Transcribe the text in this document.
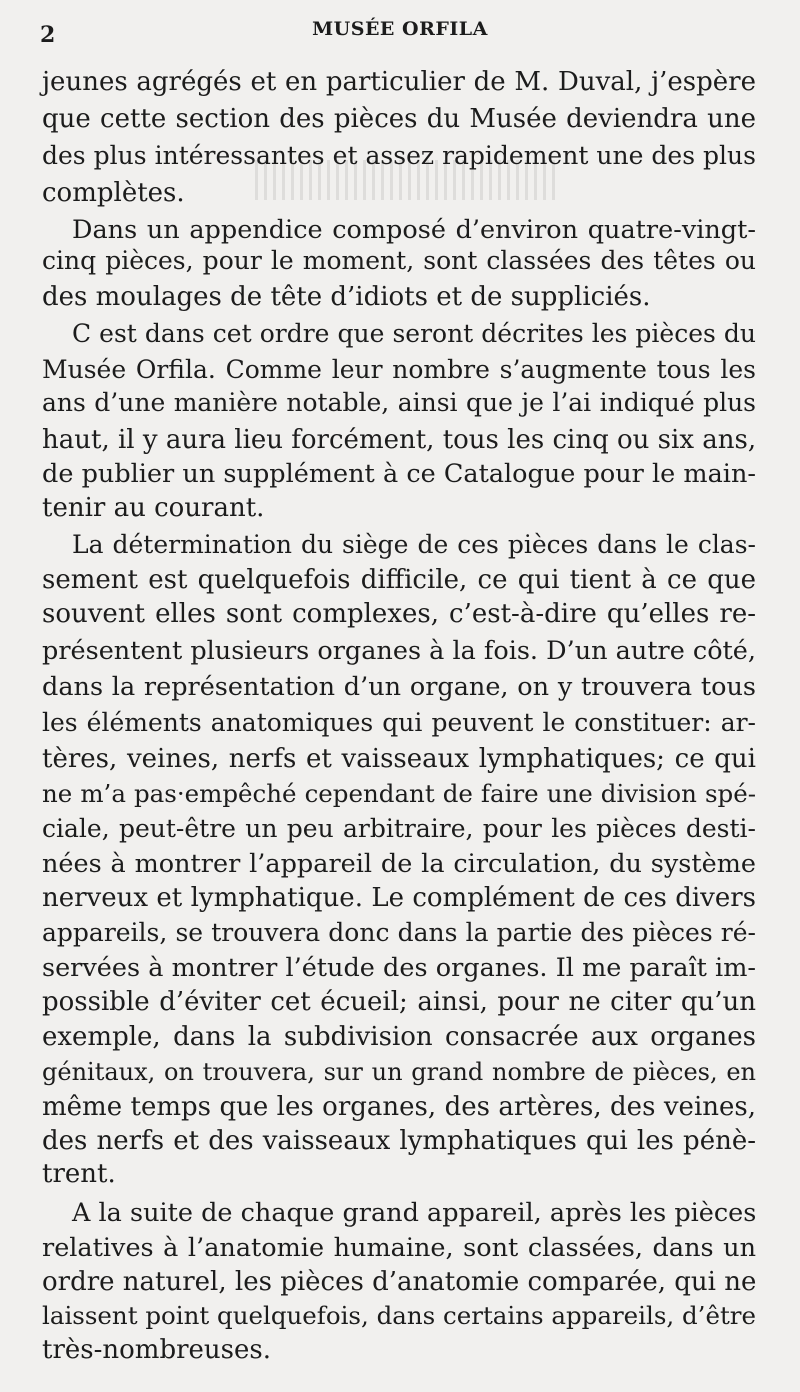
2	MUSÉE ORFILA
jeunes agrégés et en particulier de M. Duval, j’espère
que cette section des pièces du Musée deviendra une
des plus intéressantes et assez rapidement une des plus
complètes.
Dans un appendice composé d’environ quatre-vingt-
cinq pièces, pour le moment, sont classées des têtes ou
des moulages de tête d’idiots et de suppliciés.
C est dans cet ordre que seront décrites les pièces du
Musée Orfila. Comme leur nombre s’augmente tous les
ans d’une manière notable, ainsi que je l’ai indiqué plus
haut, il y aura lieu forcément, tous les cinq ou six ans,
de publier un supplément à ce Catalogue pour le main-
tenir au courant.
La détermination du siège de ces pièces dans le clas-
sement est quelquefois difficile, ce qui tient à ce que
souvent elles sont complexes, c’est-à-dire qu’elles re-
présentent plusieurs organes à la fois. D’un autre côté,
dans la représentation d’un organe, on y trouvera tous
les éléments anatomiques qui peuvent le constituer: ar-
tères, veines, nerfs et vaisseaux lymphatiques; ce qui
ne m’a pas·empêché cependant de faire une division spé-
ciale, peut-être un peu arbitraire, pour les pièces desti-
nées à montrer l’appareil de la circulation, du système
nerveux et lymphatique. Le complément de ces divers
appareils, se trouvera donc dans la partie des pièces ré-
servées à montrer l’étude des organes. Il me paraît im-
possible d’éviter cet écueil; ainsi, pour ne citer qu’un
exemple, dans la subdivision consacrée aux organes
génitaux, on trouvera, sur un grand nombre de pièces, en
même temps que les organes, des artères, des veines,
des nerfs et des vaisseaux lymphatiques qui les pénè-
trent.
A la suite de chaque grand appareil, après les pièces
relatives à l’anatomie humaine, sont classées, dans un
ordre naturel, les pièces d’anatomie comparée, qui ne
laissent point quelquefois, dans certains appareils, d’être
très-nombreuses.
